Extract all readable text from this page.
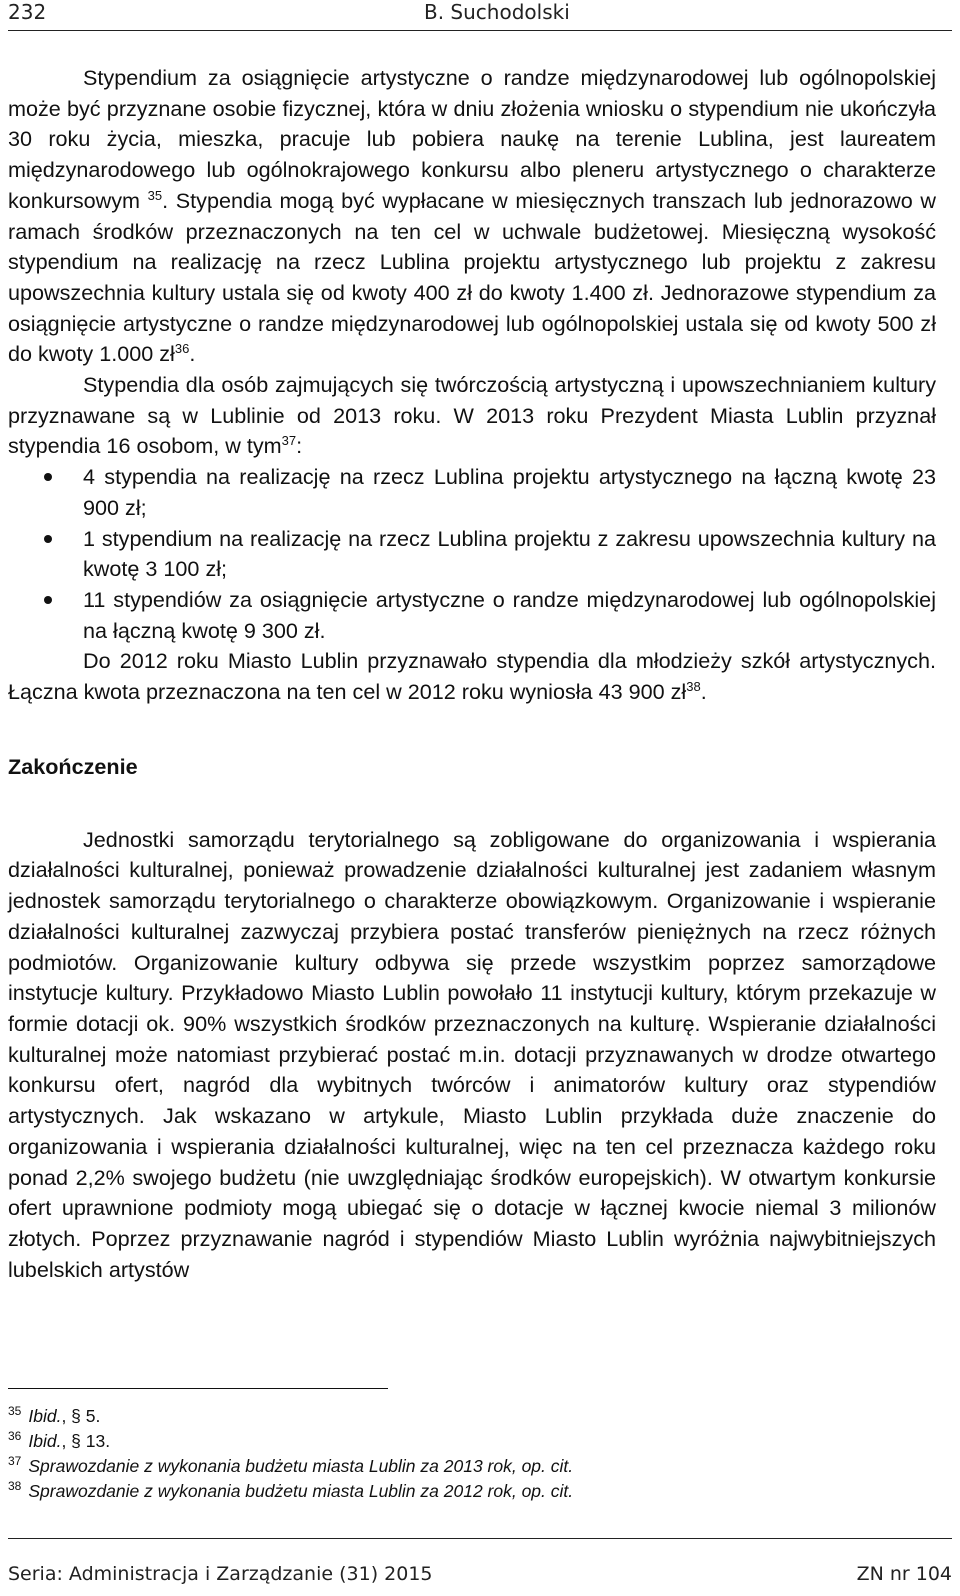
232	B. Suchodolski

Stypendium za osiągnięcie artystyczne o randze międzynarodowej lub ogólnopolskiej może być przyznane osobie fizycznej, która w dniu złożenia wniosku o stypendium nie ukończyła 30 roku życia, mieszka, pracuje lub pobiera naukę na terenie Lublina, jest laureatem międzynarodowego lub ogólnokrajowego konkursu albo pleneru artystycznego o charakterze konkursowym $^{35}$. Stypendia mogą być wypłacane w miesięcznych transzach lub jednorazowo w ramach środków przeznaczonych na ten cel w uchwale budżetowej. Miesięczną wysokość stypendium na realizację na rzecz Lublina projektu artystycznego lub projektu z zakresu upowszechnia kultury ustala się od kwoty 400 zł do kwoty 1.400 zł. Jednorazowe stypendium za osiągnięcie artystyczne o randze międzynarodowej lub ogólnopolskiej ustala się od kwoty 500 zł do kwoty 1.000 $zł^{36}$.

Stypendia dla osób zajmujących się twórczością artystyczną i upowszechnianiem kultury przyznawane są w Lublinie od 2013 roku. W 2013 roku Prezydent Miasta Lublin przyznał stypendia 16 osobom, w tym$^{37}$:

4 stypendia na realizację na rzecz Lublina projektu artystycznego na łączną kwotę 23 900 zł;
1 stypendium na realizację na rzecz Lublina projektu z zakresu upowszechnia kultury na kwotę 3 100 zł;
11 stypendiów za osiągnięcie artystyczne o randze międzynarodowej lub ogólnopolskiej na łączną kwotę 9 300 zł.

Do 2012 roku Miasto Lublin przyznawało stypendia dla młodzieży szkół artystycznych. Łączna kwota przeznaczona na ten cel w 2012 roku wyniosła 43 900 $zł^{38}$.

Zakończenie

Jednostki samorządu terytorialnego są zobligowane do organizowania i wspierania działalności kulturalnej, ponieważ prowadzenie działalności kulturalnej jest zadaniem własnym jednostek samorządu terytorialnego o charakterze obowiązkowym. Organizowanie i wspieranie działalności kulturalnej zazwyczaj przybiera postać transferów pieniężnych na rzecz różnych podmiotów. Organizowanie kultury odbywa się przede wszystkim poprzez samorządowe instytucje kultury. Przykładowo Miasto Lublin powołało 11 instytucji kultury, którym przekazuje w formie dotacji ok. 90% wszystkich środków przeznaczonych na kulturę. Wspieranie działalności kulturalnej może natomiast przybierać postać m.in. dotacji przyznawanych w drodze otwartego konkursu ofert, nagród dla wybitnych twórców i animatorów kultury oraz stypendiów artystycznych. Jak wskazano w artykule, Miasto Lublin przykłada duże znaczenie do organizowania i wspierania działalności kulturalnej, więc na ten cel przeznacza każdego roku ponad 2,2% swojego budżetu (nie uwzględniając środków europejskich). W otwartym konkursie ofert uprawnione podmioty mogą ubiegać się o dotacje w łącznej kwocie niemal 3 milionów złotych. Poprzez przyznawanie nagród i stypendiów Miasto Lublin wyróżnia najwybitniejszych lubelskich artystów

$^{35}$ Ibid., § 5.
$^{36}$ Ibid., § 13.
$^{37}$ Sprawozdanie z wykonania budżetu miasta Lublin za 2013 rok, op. cit.
$^{38}$ Sprawozdanie z wykonania budżetu miasta Lublin za 2012 rok, op. cit.
Seria: Administracja i Zarządzanie (31) 2015	ZN nr 104
